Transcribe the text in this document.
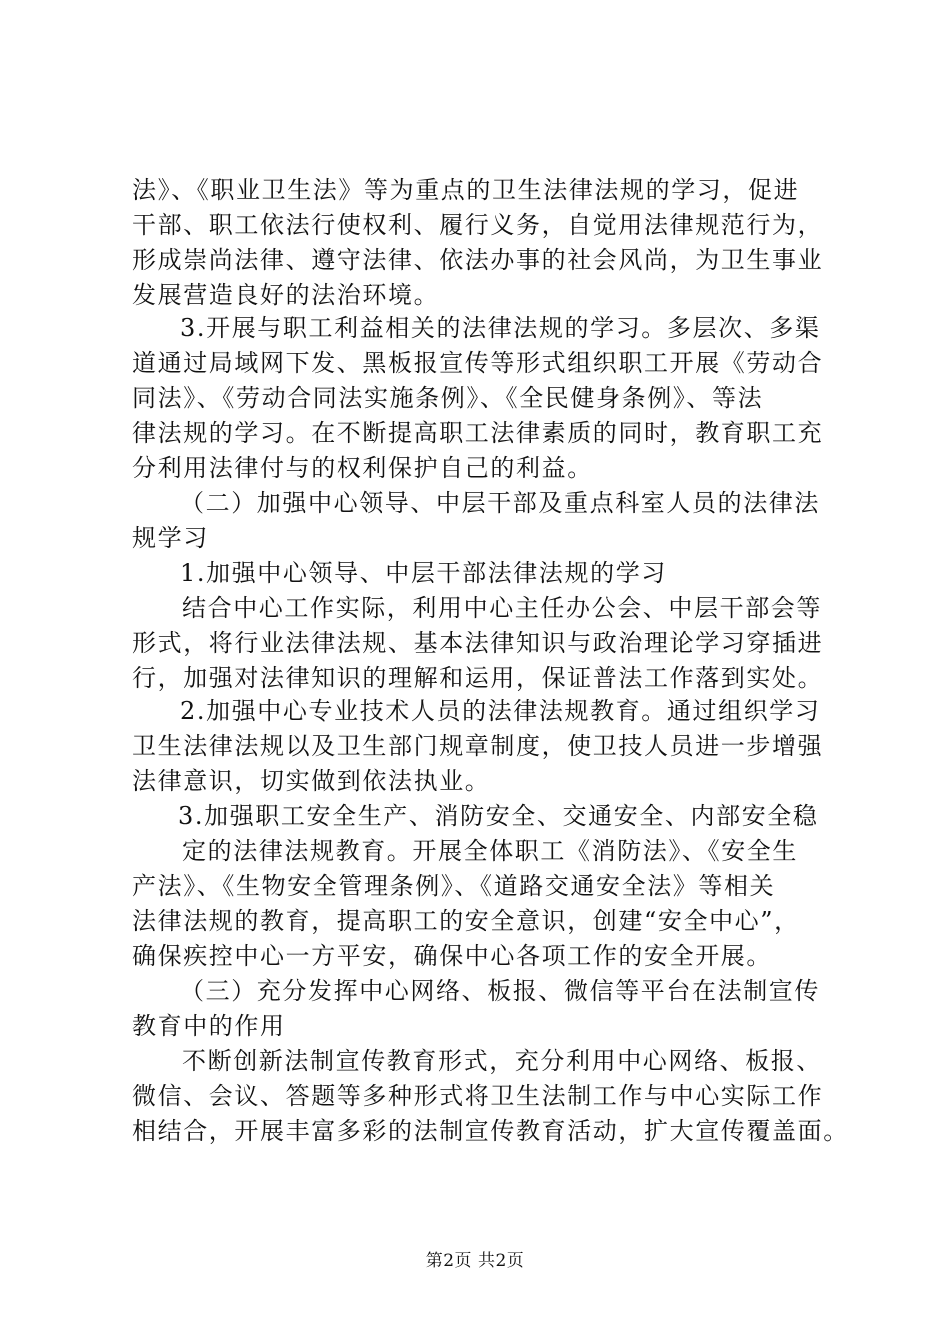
法》、《职业卫生法》等为重点的卫生法律法规的学习，促进
干部、职工依法行使权利、履行义务，自觉用法律规范行为，
形成崇尚法律、遵守法律、依法办事的社会风尚，为卫生事业
发展营造良好的法治环境。
3.开展与职工利益相关的法律法规的学习。多层次、多渠
道通过局域网下发、黑板报宣传等形式组织职工开展《劳动合
同法》、《劳动合同法实施条例》、《全民健身条例》、等法
律法规的学习。在不断提高职工法律素质的同时，教育职工充
分利用法律付与的权利保护自己的利益。
（二）加强中心领导、中层干部及重点科室人员的法律法
规学习
1.加强中心领导、中层干部法律法规的学习
结合中心工作实际，利用中心主任办公会、中层干部会等
形式，将行业法律法规、基本法律知识与政治理论学习穿插进
行，加强对法律知识的理解和运用，保证普法工作落到实处。
2.加强中心专业技术人员的法律法规教育。通过组织学习
卫生法律法规以及卫生部门规章制度，使卫技人员进一步增强
法律意识，切实做到依法执业。
3.加强职工安全生产、消防安全、交通安全、内部安全稳
定的法律法规教育。开展全体职工《消防法》、《安全生
产法》、《生物安全管理条例》、《道路交通安全法》等相关
法律法规的教育，提高职工的安全意识，创建“安全中心”，
确保疾控中心一方平安，确保中心各项工作的安全开展。
（三）充分发挥中心网络、板报、微信等平台在法制宣传
教育中的作用
不断创新法制宣传教育形式，充分利用中心网络、板报、
微信、会议、答题等多种形式将卫生法制工作与中心实际工作
相结合，开展丰富多彩的法制宣传教育活动，扩大宣传覆盖面。
第2页 共2页
